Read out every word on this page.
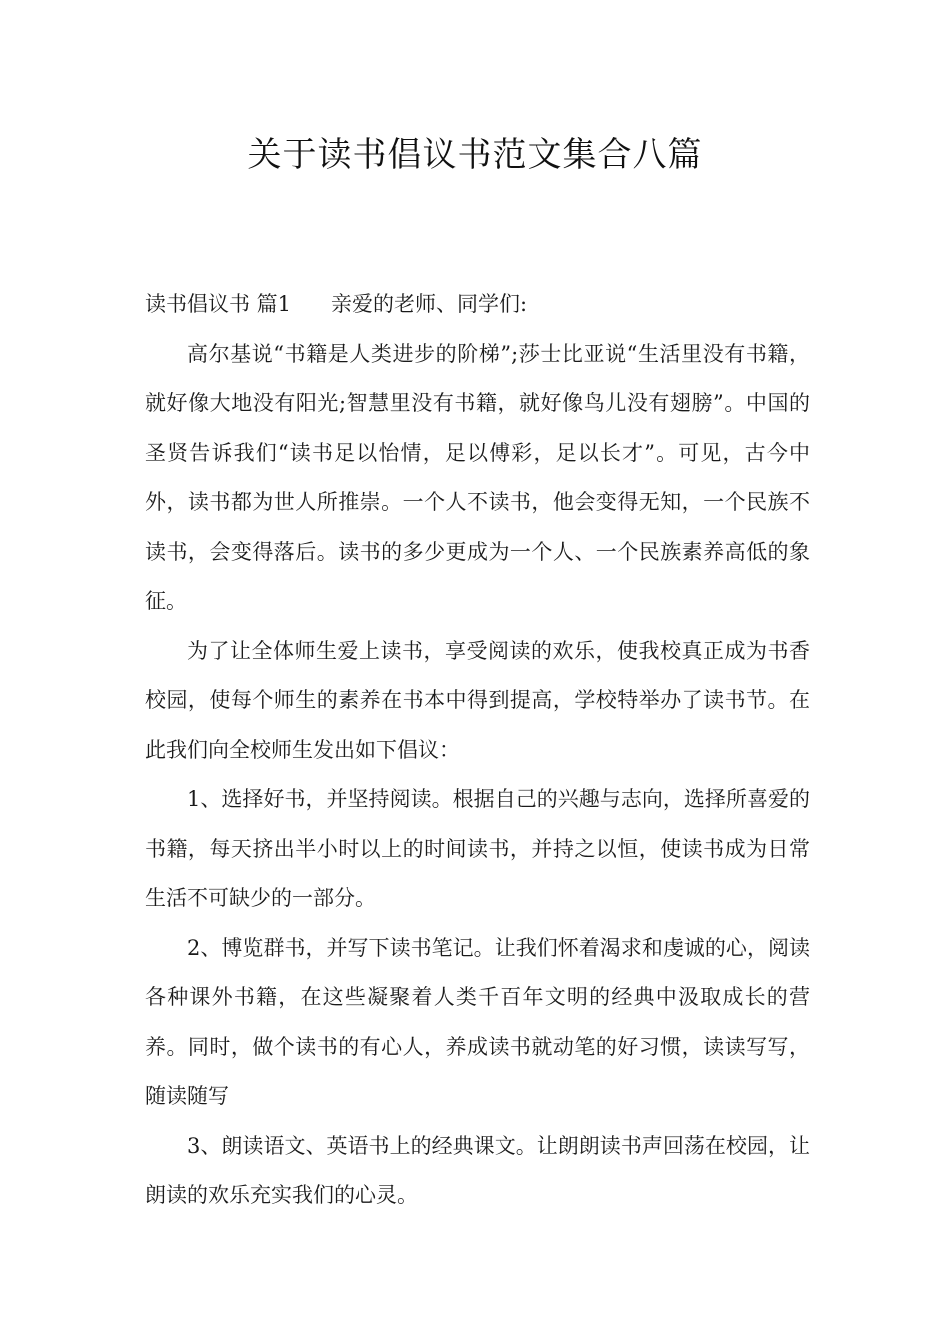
关于读书倡议书范文集合八篇

读书倡议书 篇1 亲爱的老师、同学们:

高尔基说“书籍是人类进步的阶梯”;莎士比亚说“生活里没有书籍，就好像大地没有阳光;智慧里没有书籍，就好像鸟儿没有翅膀”。中国的圣贤告诉我们“读书足以怡情，足以傅彩，足以长才”。可见，古今中外，读书都为世人所推崇。一个人不读书，他会变得无知，一个民族不读书，会变得落后。读书的多少更成为一个人、一个民族素养高低的象征。

为了让全体师生爱上读书，享受阅读的欢乐，使我校真正成为书香校园，使每个师生的素养在书本中得到提高，学校特举办了读书节。在此我们向全校师生发出如下倡议：

1、选择好书，并坚持阅读。根据自己的兴趣与志向，选择所喜爱的书籍，每天挤出半小时以上的时间读书，并持之以恒，使读书成为日常生活不可缺少的一部分。

2、博览群书，并写下读书笔记。让我们怀着渴求和虔诚的心，阅读各种课外书籍，在这些凝聚着人类千百年文明的经典中汲取成长的营养。同时，做个读书的有心人，养成读书就动笔的好习惯，读读写写，随读随写

3、朗读语文、英语书上的经典课文。让朗朗读书声回荡在校园，让朗读的欢乐充实我们的心灵。
